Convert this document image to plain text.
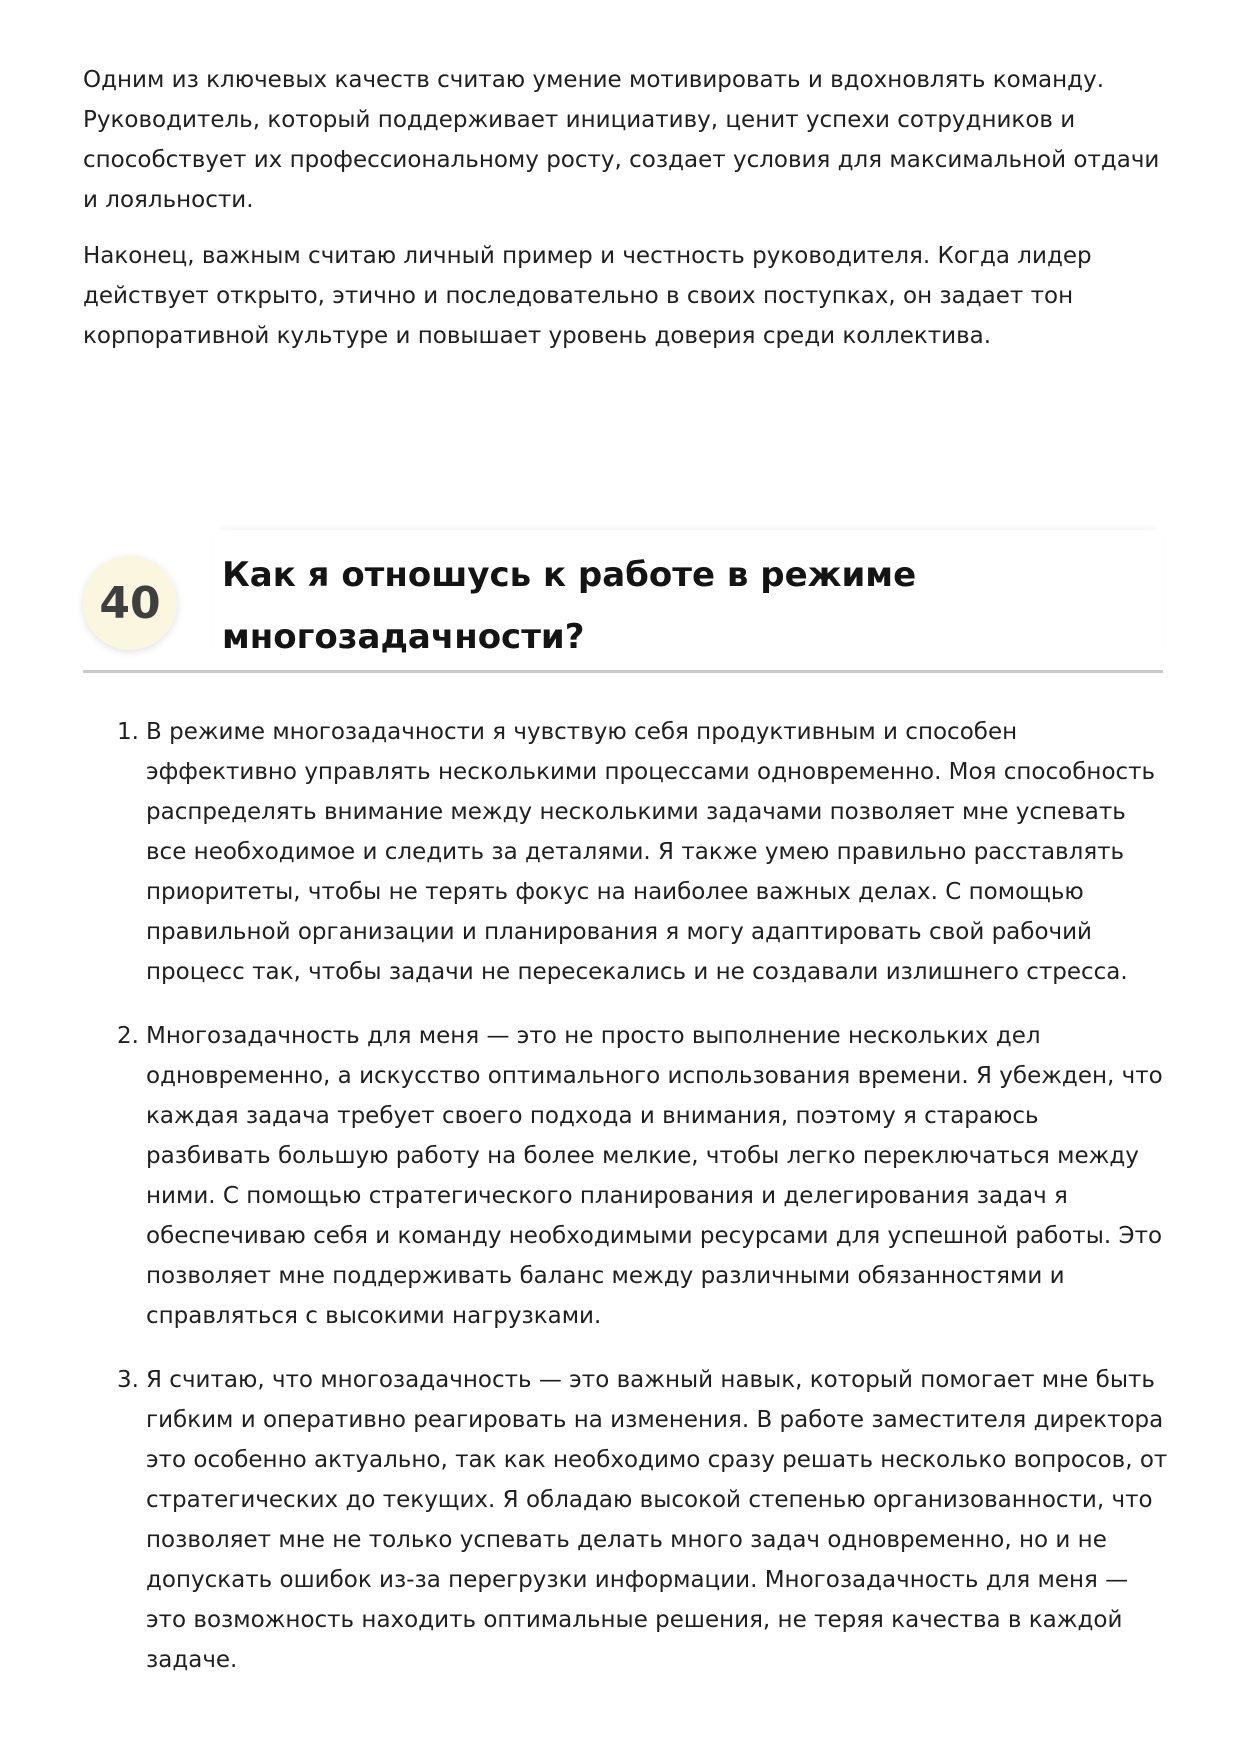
Одним из ключевых качеств считаю умение мотивировать и вдохновлять команду. Руководитель, который поддерживает инициативу, ценит успехи сотрудников и способствует их профессиональному росту, создает условия для максимальной отдачи и лояльности.

Наконец, важным считаю личный пример и честность руководителя. Когда лидер действует открыто, этично и последовательно в своих поступках, он задает тон корпоративной культуре и повышает уровень доверия среди коллектива.

40
Как я отношусь к работе в режиме многозадачности?
1. В режиме многозадачности я чувствую себя продуктивным и способен эффективно управлять несколькими процессами одновременно. Моя способность распределять внимание между несколькими задачами позволяет мне успевать все необходимое и следить за деталями. Я также умею правильно расставлять приоритеты, чтобы не терять фокус на наиболее важных делах. С помощью правильной организации и планирования я могу адаптировать свой рабочий процесс так, чтобы задачи не пересекались и не создавали излишнего стресса.
2. Многозадачность для меня — это не просто выполнение нескольких дел одновременно, а искусство оптимального использования времени. Я убежден, что каждая задача требует своего подхода и внимания, поэтому я стараюсь разбивать большую работу на более мелкие, чтобы легко переключаться между ними. С помощью стратегического планирования и делегирования задач я обеспечиваю себя и команду необходимыми ресурсами для успешной работы. Это позволяет мне поддерживать баланс между различными обязанностями и справляться с высокими нагрузками.
3. Я считаю, что многозадачность — это важный навык, который помогает мне быть гибким и оперативно реагировать на изменения. В работе заместителя директора это особенно актуально, так как необходимо сразу решать несколько вопросов, от стратегических до текущих. Я обладаю высокой степенью организованности, что позволяет мне не только успевать делать много задач одновременно, но и не допускать ошибок из-за перегрузки информации. Многозадачность для меня — это возможность находить оптимальные решения, не теряя качества в каждой задаче.
